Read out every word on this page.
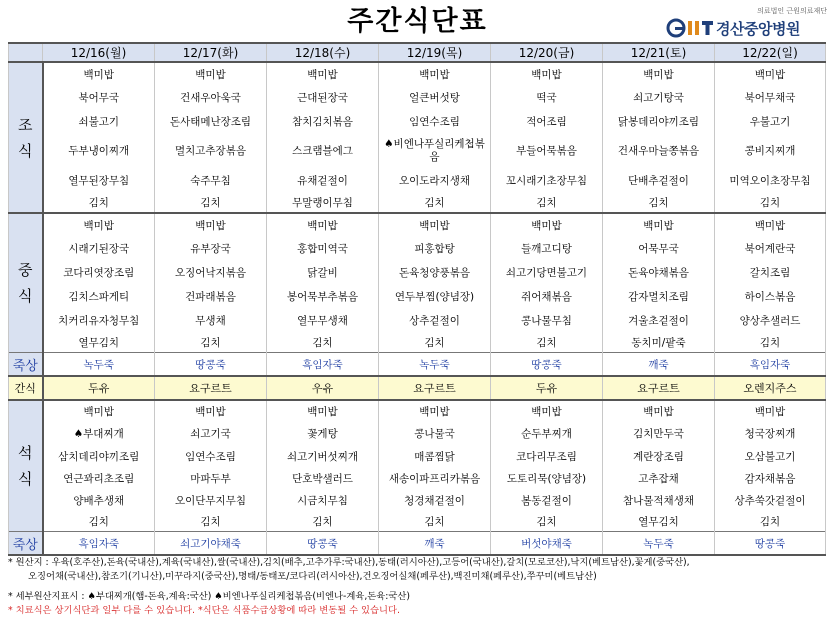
주간식단표	의료법인 근원의료재단
경산중앙병원
	12/16(월)	12/17(화)	12/18(수)	12/19(목)	12/20(금)	12/21(토)	12/22(일)

조
식	백미밥	백미밥	백미밥	백미밥	백미밥	백미밥	백미밥
	북어무국	건새우아욱국	근대된장국	얼큰버섯탕	떡국	쇠고기탕국	북어무채국
	쇠불고기	돈사태메난장조림	참치김치볶음	임연수조림	적어조림	닭봉데리야끼조림	우불고기
	두부냉이찌개	멸치고추장볶음	스크램블에그	♠비엔나푸실리케첩볶음	부들어묵볶음	건새우마늘쫑볶음	콩비지찌개
	열무된장무침	숙주무침	유채겉절이	오이도라지생채	꼬시래기초장무침	단배추겉절이	미역오이초장무침
	김치	김치	무말랭이무침	김치	김치	김치	김치

중
식	백미밥	백미밥	백미밥	백미밥	백미밥	백미밥	백미밥
	시래기된장국	유부장국	홍합미역국	피홍합탕	들깨고디탕	어묵무국	북어계란국
	코다리엿장조림	오징어낙지볶음	닭갈비	돈육청양풍볶음	쇠고기당면불고기	돈육야채볶음	갈치조림
	김치스파게티	건파래볶음	봉어묵부추볶음	연두부찜(양념장)	쥐어채볶음	감자멸치조림	하이스볶음
	치커리유자청무침	무생채	열무무생채	상추겉절이	콩나물무침	겨울초겉절이	양상추샐러드
	열무김치	김치	김치	김치	김치	동치미/팥죽	김치
죽상	녹두죽	땅콩죽	흑임자죽	녹두죽	땅콩죽	깨죽	흑임자죽
간식	두유	요구르트	우유	요구르트	두유	요구르트	오렌지주스

석
식	백미밥	백미밥	백미밥	백미밥	백미밥	백미밥	백미밥
	♠부대찌개	쇠고기국	꽃게탕	콩나물국	순두부찌개	김치만두국	청국장찌개
	삼치데리야끼조림	임연수조림	쇠고기버섯찌개	매콤찜닭	코다리무조림	계란장조림	오삼불고기
	연근꽈리초조림	마파두부	단호박샐러드	새송이파프리카볶음	도토리묵(양념장)	고추잡채	감자채볶음
	양배추생채	오이단무지무침	시금치무침	청경채겉절이	봄동겉절이	참나물적채생채	상추쑥갓겉절이
	김치	김치	김치	김치	김치	열무김치	김치
죽상	흑임자죽	쇠고기야채죽	땅콩죽	깨죽	버섯야채죽	녹두죽	땅콩죽
* 원산지 : 우육(호주산),돈육(국내산),계육(국내산),쌀(국내산),김치(배추,고추가루:국내산),동태(러시아산),고등어(국내산),갈치(모로코산),낙지(베트남산),꽃게(중국산),
오징어채(국내산),참조기(기니산),미꾸라지(중국산),명태/동태포/코다리(러시아산),건오징어실채(페루산),백진미채(페루산),쭈꾸미(베트남산)
* 세부원산지표시 : ♠부대찌개(햄-돈육,계육:국산) ♠비엔나푸실리케첩볶음(비엔나-계육,돈육:국산)
* 치료식은 상기식단과 일부 다를 수 있습니다. *식단은 식품수급상황에 따라 변동될 수 있습니다.
